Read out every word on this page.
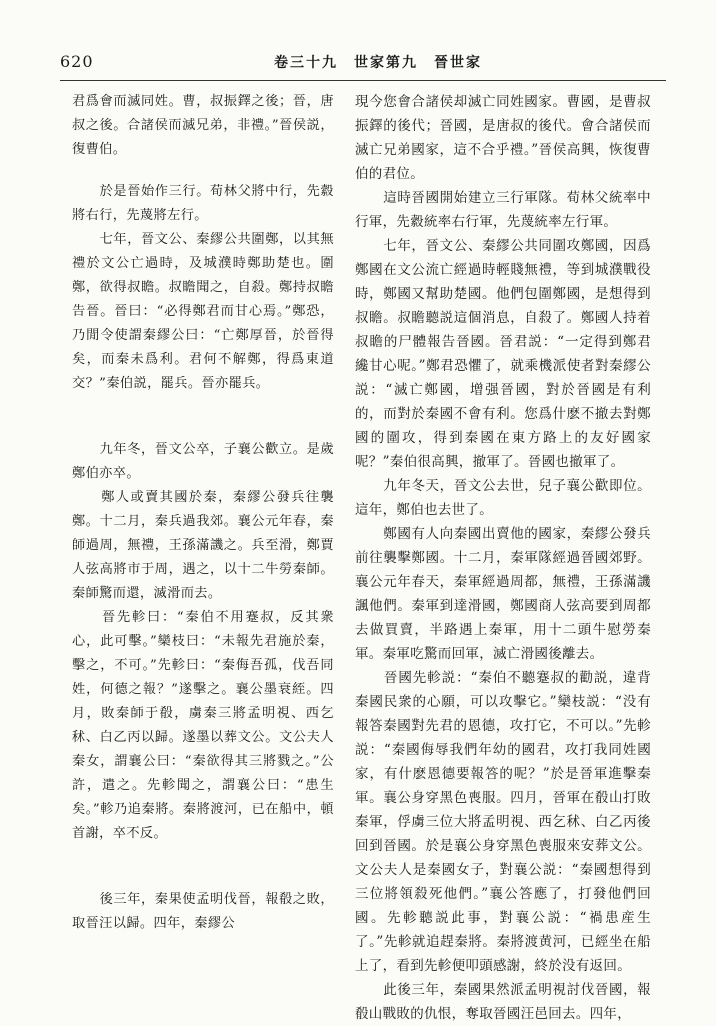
620	卷三十九　世家第九　晉世家

君爲會而滅同姓。曹，叔振鐸之後；晉，唐叔之後。合諸侯而滅兄弟，非禮。”晉侯説，復曹伯。

　　於是晉始作三行。荀林父將中行，先縠將右行，先蔑將左行。

　　七年，晉文公、秦繆公共圍鄭，以其無禮於文公亡過時，及城濮時鄭助楚也。圍鄭，欲得叔瞻。叔瞻聞之，自殺。鄭持叔瞻告晉。晉曰：“必得鄭君而甘心焉。”鄭恐，乃閒令使謂秦繆公曰：“亡鄭厚晉，於晉得矣，而秦未爲利。君何不解鄭，得爲東道交？”秦伯説，罷兵。晉亦罷兵。

　　九年冬，晉文公卒，子襄公歡立。是歲鄭伯亦卒。

　　鄭人或賣其國於秦，秦繆公發兵往襲鄭。十二月，秦兵過我郊。襄公元年春，秦師過周，無禮，王孫滿譏之。兵至滑，鄭賈人弦高將市于周，遇之，以十二牛勞秦師。秦師驚而還，滅滑而去。

　　晉先軫曰：“秦伯不用蹇叔，反其衆心，此可擊。”欒枝曰：“未報先君施於秦，擊之，不可。”先軫曰：“秦侮吾孤，伐吾同姓，何德之報？”遂擊之。襄公墨衰絰。四月，敗秦師于殽，虜秦三將孟明視、西乞秫、白乙丙以歸。遂墨以葬文公。文公夫人秦女，謂襄公曰：“秦欲得其三將戮之。”公許，遣之。先軫聞之，謂襄公曰：“患生矣。”軫乃追秦將。秦將渡河，已在船中，頓首謝，卒不反。

　　後三年，秦果使孟明伐晉，報殽之敗，取晉汪以歸。四年，秦繆公

現今您會合諸侯却滅亡同姓國家。曹國，是曹叔振鐸的後代；晉國，是唐叔的後代。會合諸侯而滅亡兄弟國家，這不合乎禮。”晉侯高興，恢復曹伯的君位。

　　這時晉國開始建立三行軍隊。荀林父統率中行軍，先縠統率右行軍，先蔑統率左行軍。

　　七年，晉文公、秦繆公共同圍攻鄭國，因爲鄭國在文公流亡經過時輕賤無禮，等到城濮戰役時，鄭國又幫助楚國。他們包圍鄭國，是想得到叔瞻。叔瞻聽説這個消息，自殺了。鄭國人持着叔瞻的尸體報告晉國。晉君説：“一定得到鄭君纔甘心呢。”鄭君恐懼了，就乘機派使者對秦繆公説：“滅亡鄭國，增强晉國，對於晉國是有利的，而對於秦國不會有利。您爲什麽不撤去對鄭國的圍攻，得到秦國在東方路上的友好國家呢？”秦伯很高興，撤軍了。晉國也撤軍了。

　　九年冬天，晉文公去世，兒子襄公歡即位。這年，鄭伯也去世了。

　　鄭國有人向秦國出賣他的國家，秦繆公發兵前往襲擊鄭國。十二月，秦軍隊經過晉國郊野。襄公元年春天，秦軍經過周都，無禮，王孫滿譏諷他們。秦軍到達滑國，鄭國商人弦高要到周都去做買賣，半路遇上秦軍，用十二頭牛慰勞秦軍。秦軍吃驚而回軍，滅亡滑國後離去。

　　晉國先軫説：“秦伯不聽蹇叔的勸説，違背秦國民衆的心願，可以攻擊它。”欒枝説：“没有報答秦國對先君的恩德，攻打它，不可以。”先軫説：“秦國侮辱我們年幼的國君，攻打我同姓國家，有什麽恩德要報答的呢？”於是晉軍進擊秦軍。襄公身穿黑色喪服。四月，晉軍在殽山打敗秦軍，俘虜三位大將孟明視、西乞秫、白乙丙後回到晉國。於是襄公身穿黑色喪服來安葬文公。文公夫人是秦國女子，對襄公説：“秦國想得到三位將領殺死他們。”襄公答應了，打發他們回國。先軫聽説此事，對襄公説：“禍患産生了。”先軫就追趕秦將。秦將渡黄河，已經坐在船上了，看到先軫便叩頭感謝，終於没有返回。

　　此後三年，秦國果然派孟明視討伐晉國，報殽山戰敗的仇恨，奪取晉國汪邑回去。四年，
